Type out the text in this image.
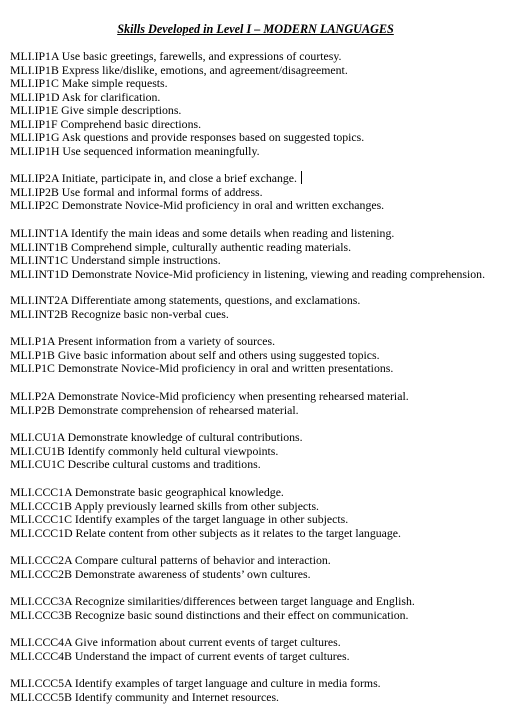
Skills Developed in Level I – MODERN LANGUAGES
MLI.IP1A Use basic greetings, farewells, and expressions of courtesy.
MLI.IP1B Express like/dislike, emotions, and agreement/disagreement.
MLI.IP1C Make simple requests.
MLI.IP1D Ask for clarification.
MLI.IP1E Give simple descriptions.
MLI.IP1F Comprehend basic directions.
MLI.IP1G Ask questions and provide responses based on suggested topics.
MLI.IP1H Use sequenced information meaningfully.
MLI.IP2A Initiate, participate in, and close a brief exchange.
MLI.IP2B Use formal and informal forms of address.
MLI.IP2C Demonstrate Novice-Mid proficiency in oral and written exchanges.
MLI.INT1A Identify the main ideas and some details when reading and listening.
MLI.INT1B Comprehend simple, culturally authentic reading materials.
MLI.INT1C Understand simple instructions.
MLI.INT1D Demonstrate Novice-Mid proficiency in listening, viewing and reading comprehension.
MLI.INT2A Differentiate among statements, questions, and exclamations.
MLI.INT2B Recognize basic non-verbal cues.
MLI.P1A Present information from a variety of sources.
MLI.P1B Give basic information about self and others using suggested topics.
MLI.P1C Demonstrate Novice-Mid proficiency in oral and written presentations.
MLI.P2A Demonstrate Novice-Mid proficiency when presenting rehearsed material.
MLI.P2B Demonstrate comprehension of rehearsed material.
MLI.CU1A Demonstrate knowledge of cultural contributions.
MLI.CU1B Identify commonly held cultural viewpoints.
MLI.CU1C Describe cultural customs and traditions.
MLI.CCC1A Demonstrate basic geographical knowledge.
MLI.CCC1B Apply previously learned skills from other subjects.
MLI.CCC1C Identify examples of the target language in other subjects.
MLI.CCC1D Relate content from other subjects as it relates to the target language.
MLI.CCC2A Compare cultural patterns of behavior and interaction.
MLI.CCC2B Demonstrate awareness of students’ own cultures.
MLI.CCC3A Recognize similarities/differences between target language and English.
MLI.CCC3B Recognize basic sound distinctions and their effect on communication.
MLI.CCC4A Give information about current events of target cultures.
MLI.CCC4B Understand the impact of current events of target cultures.
MLI.CCC5A Identify examples of target language and culture in media forms.
MLI.CCC5B Identify community and Internet resources.
